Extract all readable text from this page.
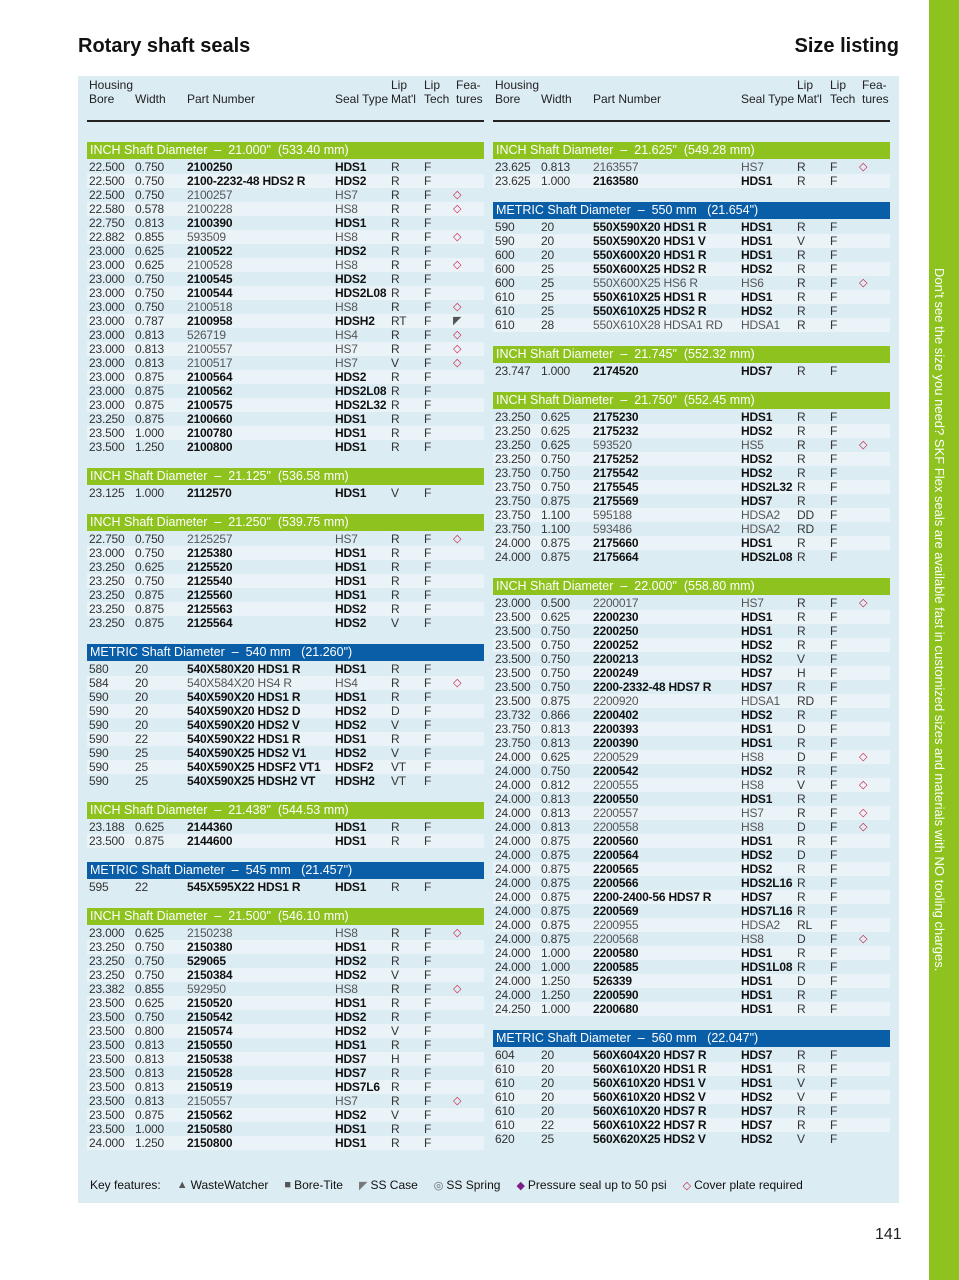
Rotary shaft seals	Size listing
Housing
Bore Width Part Number	Seal Type
Lip
Mat'l
Lip
Tech
Fea-
tures
INCH Shaft Diameter  –  21.000"  (533.40 mm)
22.500 0.750 2100250	HDS1 R F
22.500 0.750 2100-2232-48 HDS2 R HDS2 R F
22.500 0.750 2100257	HS7	R F ◇
22.580 0.578 2100228	HS8	R F ◇
22.750 0.813 2100390	HDS1 R F
22.882 0.855 593509	HS8	R F ◇
23.000 0.625 2100522	HDS2 R F
23.000 0.625 2100528	HS8	R F ◇
23.000 0.750 2100545	HDS2 R F
23.000 0.750 2100544	HDS2L08 R F
23.000 0.750 2100518	HS8	R F ◇
23.000 0.787 2100958	HDSH2 RT F ◤
23.000 0.813 526719	HS4	R F ◇
23.000 0.813 2100557	HS7	R F ◇
23.000 0.813 2100517	HS7	V F ◇
23.000 0.875 2100564	HDS2 R F
23.000 0.875 2100562	HDS2L08 R F
23.000 0.875 2100575	HDS2L32 R F
23.250 0.875 2100660	HDS1 R F
23.500 1.000 2100780	HDS1 R F
23.500 1.250 2100800	HDS1 R F
INCH Shaft Diameter  –  21.125"  (536.58 mm)
23.125 1.000 2112570	HDS1 V F
INCH Shaft Diameter  –  21.250"  (539.75 mm)
22.750 0.750 2125257	HS7	R F ◇
23.000 0.750 2125380	HDS1 R F
23.250 0.625 2125520	HDS1 R F
23.250 0.750 2125540	HDS1 R F
23.250 0.875 2125560	HDS1 R F
23.250 0.875 2125563	HDS2 R F
23.250 0.875 2125564	HDS2 V F
METRIC Shaft Diameter  –  540 mm   (21.260")
580 20	540X580X20 HDS1 R	HDS1 R F
584 20	540X584X20 HS4 R	HS4	R F ◇
590 20	540X590X20 HDS1 R	HDS1 R F
590 20	540X590X20 HDS2 D	HDS2 D F
590 20	540X590X20 HDS2 V	HDS2 V F
590 22	540X590X22 HDS1 R	HDS1 R F
590 25	540X590X25 HDS2 V1 HDS2 V F
590 25	540X590X25 HDSF2 VT1 HDSF2 VT F
590 25	540X590X25 HDSH2 VT HDSH2 VT F
INCH Shaft Diameter  –  21.438"  (544.53 mm)
23.188 0.625 2144360	HDS1 R F
23.500 0.875 2144600	HDS1 R F
METRIC Shaft Diameter  –  545 mm   (21.457")
595 22	545X595X22 HDS1 R	HDS1 R F
INCH Shaft Diameter  –  21.500"  (546.10 mm)
23.000 0.625 2150238	HS8	R F ◇
23.250 0.750 2150380	HDS1 R F
23.250 0.750 529065	HDS2 R F
23.250 0.750 2150384	HDS2 V F
23.382 0.855 592950	HS8	R F ◇
23.500 0.625 2150520	HDS1 R F
23.500 0.750 2150542	HDS2 R F
23.500 0.800 2150574	HDS2 V F
23.500 0.813 2150550	HDS1 R F
23.500 0.813 2150538	HDS7 H F
23.500 0.813 2150528	HDS7 R F
23.500 0.813 2150519	HDS7L6 R F
23.500 0.813 2150557	HS7	R F ◇
23.500 0.875 2150562	HDS2 V F
23.500 1.000 2150580	HDS1 R F
24.000 1.250 2150800	HDS1 R F
Housing
Bore Width Part Number	Seal Type
Lip
Mat'l
Lip
Tech
Fea-
tures
INCH Shaft Diameter  –  21.625"  (549.28 mm)
23.625 0.813 2163557	HS7	R F ◇
23.625 1.000 2163580	HDS1 R F
METRIC Shaft Diameter  –  550 mm   (21.654")
590 20	550X590X20 HDS1 R	HDS1 R F
590 20	550X590X20 HDS1 V	HDS1 V F
600 20	550X600X20 HDS1 R	HDS1 R F
600 25	550X600X25 HDS2 R	HDS2 R F
600 25	550X600X25 HS6 R	HS6	R F ◇
610 25	550X610X25 HDS1 R	HDS1 R F
610 25	550X610X25 HDS2 R	HDS2 R F
610 28	550X610X28 HDSA1 RD HDSA1 R F
INCH Shaft Diameter  –  21.745"  (552.32 mm)
23.747 1.000 2174520	HDS7 R F
INCH Shaft Diameter  –  21.750"  (552.45 mm)
23.250 0.625 2175230	HDS1 R F
23.250 0.625 2175232	HDS2 R F
23.250 0.625 593520	HS5	R F ◇
23.250 0.750 2175252	HDS2 R F
23.750 0.750 2175542	HDS2 R F
23.750 0.750 2175545	HDS2L32 R F
23.750 0.875 2175569	HDS7 R F
23.750 1.100 595188	HDSA2 DD F
23.750 1.100 593486	HDSA2 RD F
24.000 0.875 2175660	HDS1 R F
24.000 0.875 2175664	HDS2L08 R F
INCH Shaft Diameter  –  22.000"  (558.80 mm)
23.000 0.500 2200017	HS7	R F ◇
23.500 0.625 2200230	HDS1 R F
23.500 0.750 2200250	HDS1 R F
23.500 0.750 2200252	HDS2 R F
23.500 0.750 2200213	HDS2 V F
23.500 0.750 2200249	HDS7 H F
23.500 0.750 2200-2332-48 HDS7 R HDS7 R F
23.500 0.875 2200920	HDSA1 RD F
23.732 0.866 2200402	HDS2 R F
23.750 0.813 2200393	HDS1 D F
23.750 0.813 2200390	HDS1 R F
24.000 0.625 2200529	HS8	D F ◇
24.000 0.750 2200542	HDS2 R F
24.000 0.812 2200555	HS8	V F ◇
24.000 0.813 2200550	HDS1 R F
24.000 0.813 2200557	HS7	R F ◇
24.000 0.813 2200558	HS8	D F ◇
24.000 0.875 2200560	HDS1 R F
24.000 0.875 2200564	HDS2 D F
24.000 0.875 2200565	HDS2 R F
24.000 0.875 2200566	HDS2L16 R F
24.000 0.875 2200-2400-56 HDS7 R HDS7 R F
24.000 0.875 2200569	HDS7L16 R F
24.000 0.875 2200955	HDSA2 RL F
24.000 0.875 2200568	HS8	D F ◇
24.000 1.000 2200580	HDS1 R F
24.000 1.000 2200585	HDS1L08 R F
24.000 1.250 526339	HDS1 D F
24.000 1.250 2200590	HDS1 R F
24.250 1.000 2200680	HDS1 R F
METRIC Shaft Diameter  –  560 mm   (22.047")
604 20	560X604X20 HDS7 R	HDS7 R F
610 20	560X610X20 HDS1 R	HDS1 R F
610 20	560X610X20 HDS1 V	HDS1 V F
610 20	560X610X20 HDS2 V	HDS2 V F
610 20	560X610X20 HDS7 R	HDS7 R F
610 22	560X610X22 HDS7 R	HDS7 R F
620 25	560X620X25 HDS2 V	HDS2 V F
Key features: ▲ WasteWatcher ■ Bore-Tite ◤ SS Case ◎ SS Spring ◆ Pressure seal up to 50 psi ◇ Cover plate required
Don't see the size you need? SKF Flex seals are available fast in customized sizes and materials with NO tooling charges.
141
